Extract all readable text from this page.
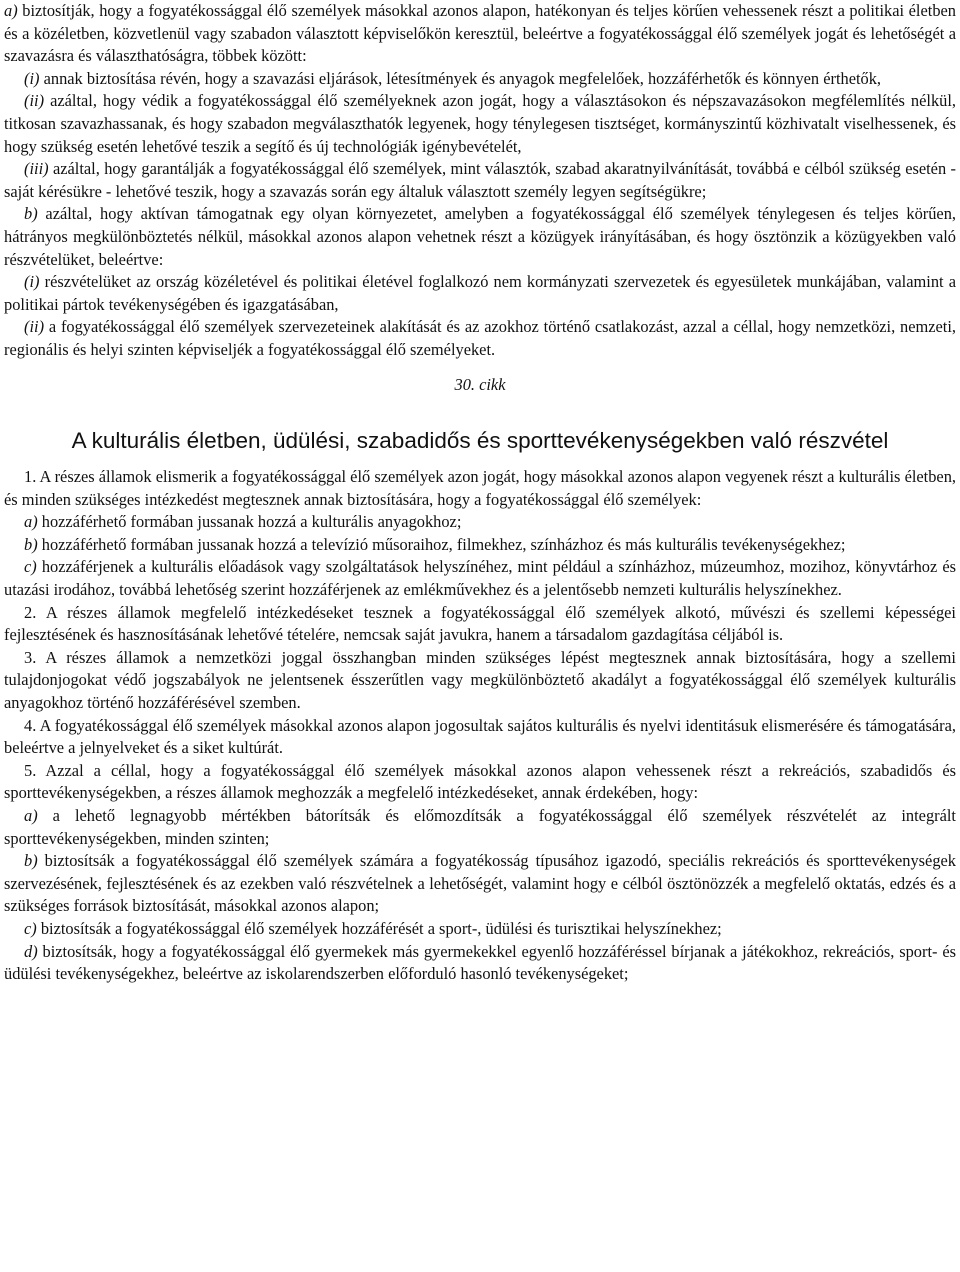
a) biztosítják, hogy a fogyatékossággal élő személyek másokkal azonos alapon, hatékonyan és teljes körűen vehessenek részt a politikai életben és a közéletben, közvetlenül vagy szabadon választott képviselőkön keresztül, beleértve a fogyatékossággal élő személyek jogát és lehetőségét a szavazásra és választhatóságra, többek között:

(i) annak biztosítása révén, hogy a szavazási eljárások, létesítmények és anyagok megfelelőek, hozzáférhetők és könnyen érthetők,

(ii) azáltal, hogy védik a fogyatékossággal élő személyeknek azon jogát, hogy a választásokon és népszavazásokon megfélemlítés nélkül, titkosan szavazhassanak, és hogy szabadon megválaszthatók legyenek, hogy ténylegesen tisztséget, kormányszintű közhivatalt viselhessenek, és hogy szükség esetén lehetővé teszik a segítő és új technológiák igénybevételét,

(iii) azáltal, hogy garantálják a fogyatékossággal élő személyek, mint választók, szabad akaratnyilvánítását, továbbá e célból szükség esetén - saját kérésükre - lehetővé teszik, hogy a szavazás során egy általuk választott személy legyen segítségükre;

b) azáltal, hogy aktívan támogatnak egy olyan környezetet, amelyben a fogyatékossággal élő személyek ténylegesen és teljes körűen, hátrányos megkülönböztetés nélkül, másokkal azonos alapon vehetnek részt a közügyek irányításában, és hogy ösztönzik a közügyekben való részvételüket, beleértve:

(i) részvételüket az ország közéletével és politikai életével foglalkozó nem kormányzati szervezetek és egyesületek munkájában, valamint a politikai pártok tevékenységében és igazgatásában,

(ii) a fogyatékossággal élő személyek szervezeteinek alakítását és az azokhoz történő csatlakozást, azzal a céllal, hogy nemzetközi, nemzeti, regionális és helyi szinten képviseljék a fogyatékossággal élő személyeket.

30. cikk

A kulturális életben, üdülési, szabadidős és sporttevékenységekben való részvétel

1. A részes államok elismerik a fogyatékossággal élő személyek azon jogát, hogy másokkal azonos alapon vegyenek részt a kulturális életben, és minden szükséges intézkedést megtesznek annak biztosítására, hogy a fogyatékossággal élő személyek:

a) hozzáférhető formában jussanak hozzá a kulturális anyagokhoz;

b) hozzáférhető formában jussanak hozzá a televízió műsoraihoz, filmekhez, színházhoz és más kulturális tevékenységekhez;

c) hozzáférjenek a kulturális előadások vagy szolgáltatások helyszínéhez, mint például a színházhoz, múzeumhoz, mozihoz, könyvtárhoz és utazási irodához, továbbá lehetőség szerint hozzáférjenek az emlékművekhez és a jelentősebb nemzeti kulturális helyszínekhez.

2. A részes államok megfelelő intézkedéseket tesznek a fogyatékossággal élő személyek alkotó, művészi és szellemi képességei fejlesztésének és hasznosításának lehetővé tételére, nemcsak saját javukra, hanem a társadalom gazdagítása céljából is.

3. A részes államok a nemzetközi joggal összhangban minden szükséges lépést megtesznek annak biztosítására, hogy a szellemi tulajdonjogokat védő jogszabályok ne jelentsenek ésszerűtlen vagy megkülönböztető akadályt a fogyatékossággal élő személyek kulturális anyagokhoz történő hozzáférésével szemben.

4. A fogyatékossággal élő személyek másokkal azonos alapon jogosultak sajátos kulturális és nyelvi identitásuk elismerésére és támogatására, beleértve a jelnyelveket és a siket kultúrát.

5. Azzal a céllal, hogy a fogyatékossággal élő személyek másokkal azonos alapon vehessenek részt a rekreációs, szabadidős és sporttevékenységekben, a részes államok meghozzák a megfelelő intézkedéseket, annak érdekében, hogy:

a) a lehető legnagyobb mértékben bátorítsák és előmozdítsák a fogyatékossággal élő személyek részvételét az integrált sporttevékenységekben, minden szinten;

b) biztosítsák a fogyatékossággal élő személyek számára a fogyatékosság típusához igazodó, speciális rekreációs és sporttevékenységek szervezésének, fejlesztésének és az ezekben való részvételnek a lehetőségét, valamint hogy e célból ösztönözzék a megfelelő oktatás, edzés és a szükséges források biztosítását, másokkal azonos alapon;

c) biztosítsák a fogyatékossággal élő személyek hozzáférését a sport-, üdülési és turisztikai helyszínekhez;

d) biztosítsák, hogy a fogyatékossággal élő gyermekek más gyermekekkel egyenlő hozzáféréssel bírjanak a játékokhoz, rekreációs, sport- és üdülési tevékenységekhez, beleértve az iskolarendszerben előforduló hasonló tevékenységeket;
